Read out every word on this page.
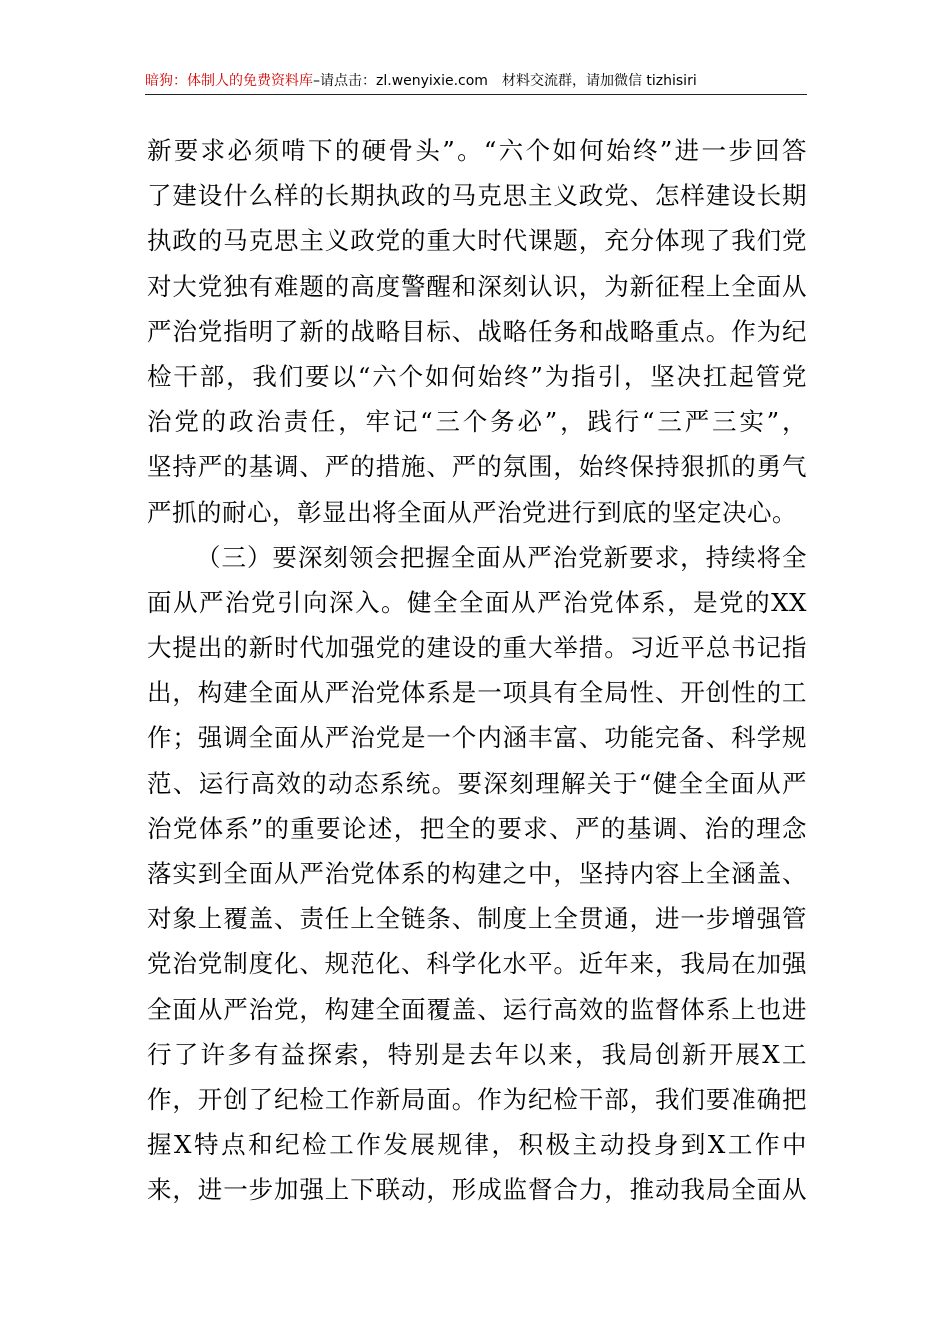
暗狗：体制人的免费资料库–请点击：zl.wenyixie.com 材料交流群，请加微信 tizhisiri
新要求必须啃下的硬骨头”。“六个如何始终”进一步回答
了建设什么样的长期执政的马克思主义政党、怎样建设长期
执政的马克思主义政党的重大时代课题，充分体现了我们党
对大党独有难题的高度警醒和深刻认识，为新征程上全面从
严治党指明了新的战略目标、战略任务和战略重点。作为纪
检干部，我们要以“六个如何始终”为指引，坚决扛起管党
治党的政治责任，牢记“三个务必”，践行“三严三实”，
坚持严的基调、严的措施、严的氛围，始终保持狠抓的勇气
严抓的耐心，彰显出将全面从严治党进行到底的坚定决心。
（三）要深刻领会把握全面从严治党新要求，持续将全
面从严治党引向深入。健全全面从严治党体系，是党的XX
大提出的新时代加强党的建设的重大举措。习近平总书记指
出，构建全面从严治党体系是一项具有全局性、开创性的工
作；强调全面从严治党是一个内涵丰富、功能完备、科学规
范、运行高效的动态系统。要深刻理解关于“健全全面从严
治党体系”的重要论述，把全的要求、严的基调、治的理念
落实到全面从严治党体系的构建之中，坚持内容上全涵盖、
对象上覆盖、责任上全链条、制度上全贯通，进一步增强管
党治党制度化、规范化、科学化水平。近年来，我局在加强
全面从严治党，构建全面覆盖、运行高效的监督体系上也进
行了许多有益探索，特别是去年以来，我局创新开展X工
作，开创了纪检工作新局面。作为纪检干部，我们要准确把
握X特点和纪检工作发展规律，积极主动投身到X工作中
来，进一步加强上下联动，形成监督合力，推动我局全面从
